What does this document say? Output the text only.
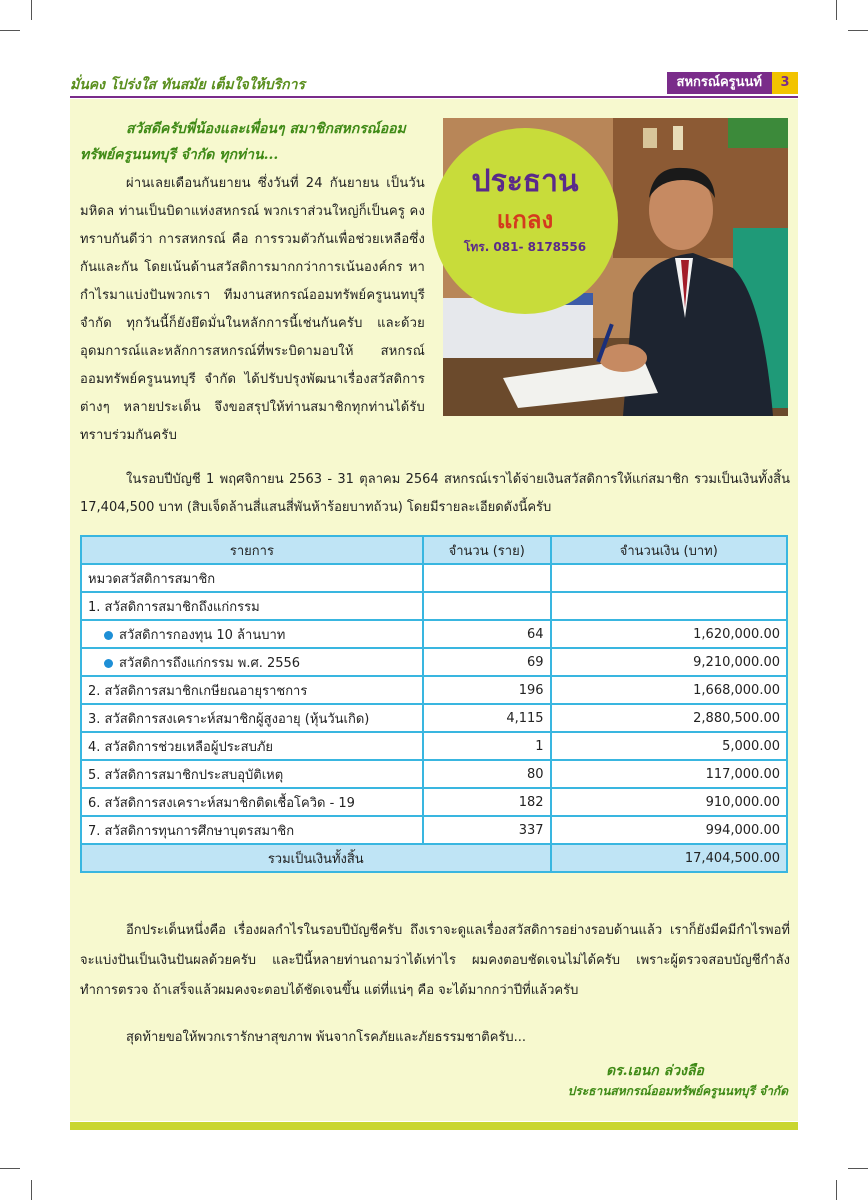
มั่นคง โปร่งใส ทันสมัย เต็มใจให้บริการ	สหกรณ์ครูนนท์	3
สวัสดีครับพี่น้องและเพื่อนๆ สมาชิกสหกรณ์ออมทรัพย์ครูนนทบุรี จำกัด ทุกท่าน...
ผ่านเลยเดือนกันยายน ซึ่งวันที่ 24 กันยายน เป็นวันมหิดล ท่านเป็นบิดาแห่งสหกรณ์ พวกเราส่วนใหญ่ก็เป็นครู คงทราบกันดีว่า การสหกรณ์ คือ การรวมตัวกันเพื่อช่วยเหลือซึ่งกันและกัน โดยเน้นด้านสวัสดิการมากกว่าการเน้นองค์กร หากำไรมาแบ่งปันพวกเรา ทีมงานสหกรณ์ออมทรัพย์ครูนนทบุรี จำกัด ทุกวันนี้ก็ยังยึดมั่นในหลักการนี้เช่นกันครับ และด้วยอุดมการณ์และหลักการสหกรณ์ที่พระบิดามอบให้ สหกรณ์ออมทรัพย์ครูนนทบุรี จำกัด ได้ปรับปรุงพัฒนาเรื่องสวัสดิการต่างๆ หลายประเด็น จึงขอสรุปให้ท่านสมาชิกทุกท่านได้รับทราบร่วมกันครับ
ประธาน
แกลง
โทร. 081- 8178556
ในรอบปีบัญชี 1 พฤศจิกายน 2563 - 31 ตุลาคม 2564 สหกรณ์เราได้จ่ายเงินสวัสดิการให้แก่สมาชิก รวมเป็นเงินทั้งสิ้น 17,404,500 บาท (สิบเจ็ดล้านสี่แสนสี่พันห้าร้อยบาทถ้วน) โดยมีรายละเอียดดังนี้ครับ
รายการ	จำนวน (ราย)	จำนวนเงิน (บาท)
หมวดสวัสดิการสมาชิก		
1. สวัสดิการสมาชิกถึงแก่กรรม		
สวัสดิการกองทุน 10 ล้านบาท	64	1,620,000.00
สวัสดิการถึงแก่กรรม พ.ศ. 2556	69	9,210,000.00
2. สวัสดิการสมาชิกเกษียณอายุราชการ	196	1,668,000.00
3. สวัสดิการสงเคราะห์สมาชิกผู้สูงอายุ (หุ้นวันเกิด)	4,115	2,880,500.00
4. สวัสดิการช่วยเหลือผู้ประสบภัย	1	5,000.00
5. สวัสดิการสมาชิกประสบอุบัติเหตุ	80	117,000.00
6. สวัสดิการสงเคราะห์สมาชิกติดเชื้อโควิด - 19	182	910,000.00
7. สวัสดิการทุนการศึกษาบุตรสมาชิก	337	994,000.00
รวมเป็นเงินทั้งสิ้น		17,404,500.00
อีกประเด็นหนึ่งคือ เรื่องผลกำไรในรอบปีบัญชีครับ ถึงเราจะดูแลเรื่องสวัสดิการอย่างรอบด้านแล้ว เราก็ยังมีคมีกำไรพอที่จะแบ่งปันเป็นเงินปันผลด้วยครับ และปีนี้หลายท่านถามว่าได้เท่าไร ผมคงตอบชัดเจนไม่ได้ครับ เพราะผู้ตรวจสอบบัญชีกำลังทำการตรวจ ถ้าเสร็จแล้วผมคงจะตอบได้ชัดเจนขึ้น แต่ที่แน่ๆ คือ จะได้มากกว่าปีที่แล้วครับ
สุดท้ายขอให้พวกเรารักษาสุขภาพ พ้นจากโรคภัยและภัยธรรมชาติครับ...
ดร.เอนก ล่วงลือ
ประธานสหกรณ์ออมทรัพย์ครูนนทบุรี จำกัด
